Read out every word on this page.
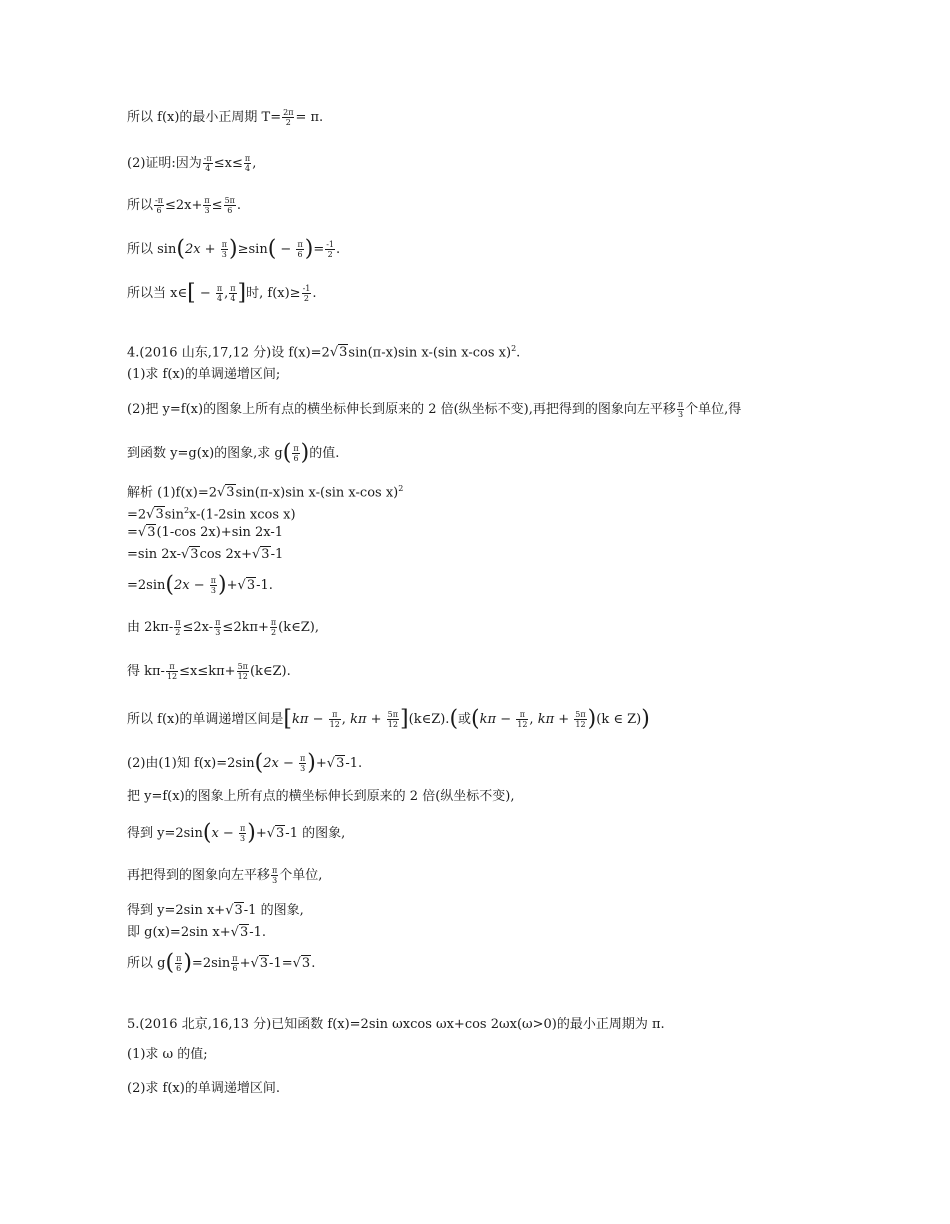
所以 f(x)的最小正周期 $T= \frac{2\pi}{2} = \pi$.
(2)证明:因为 $\frac{-\pi}{4} \le x\le \frac{\pi}{4}$ ,
所以 $\frac{-\pi}{6} \le 2x+ \frac{\pi}{3} \le \frac{5\pi}{6}$ .
所以 $\sin(2x + \frac{\pi}{3} )\ge\sin( - \frac{\pi}{6}$ )= $\frac{-1}{2}$ .
所以当 x∈[ − $\frac{\pi}{4}$ , $\frac{\pi}{4}$ ]时, $f(x)\ge \frac{-1}{2}$ .
4.(2016 山东,17,12 分)设 f(x)=2√3sin(π-x)sin x-(sin x-cos x)$^2$.
(1)求 f(x)的单调递增区间;
(2)把 y=f(x)的图象上所有点的横坐标伸长到原来的 2 倍(纵坐标不变),再把得到的图象向左平移 $\frac{\pi}{3}$ 个单位,得
到函数 y=g(x)的图象,求 $g( \frac{\pi}{6}$ )的值.
解析 (1)f(x)=2√3sin(π-x)sin x-(sin x-cos x)$^2$
$=2√3\sin^2x-(1-2\sin$ xcos x)
=√3(1-cos 2x)+sin 2x-1
=sin 2x-√3cos 2x+√3-1
$=2\sin(2x - \frac{\pi}{3} )+√3-1$.
由 $2k\pi- \frac{\pi}{2} \le 2x- \frac{\pi}{3} \le 2k\pi+ \frac{\pi}{2}$ (k∈Z),
得 $k\pi- \frac{\pi}{12} \le x\le k\pi+ \frac{5\pi}{12}$ (k∈Z).
所以 f(x)的单调递增区间是[$k\pi - \frac{\pi}{12}$ , $k\pi + \frac{5\pi}{12}$ ](k∈Z).(或($k\pi - \frac{\pi}{12}$ , $k\pi + \frac{5\pi}{12} )(k$ ∈ Z))
(2)由(1)知 $f(x)=2\sin(2x - \frac{\pi}{3} )+√3-1$.
把 y=f(x)的图象上所有点的横坐标伸长到原来的 2 倍(纵坐标不变),
得到 $y=2\sin(x - \frac{\pi}{3} )+√3-1$ 的图象,
再把得到的图象向左平移 $\frac{\pi}{3}$ 个单位,
得到 y=2sin x+√3-1 的图象,
即 g(x)=2sin x+√3-1.
所以 $g( \frac{\pi}{6} )=2\sin \frac{\pi}{6} +√3-1=√3$.
5.(2016 北京,16,13 分)已知函数 f(x)=2sin ωxcos ωx+cos 2ωx(ω>0)的最小正周期为 π.
(1)求 ω 的值;
(2)求 f(x)的单调递增区间.
